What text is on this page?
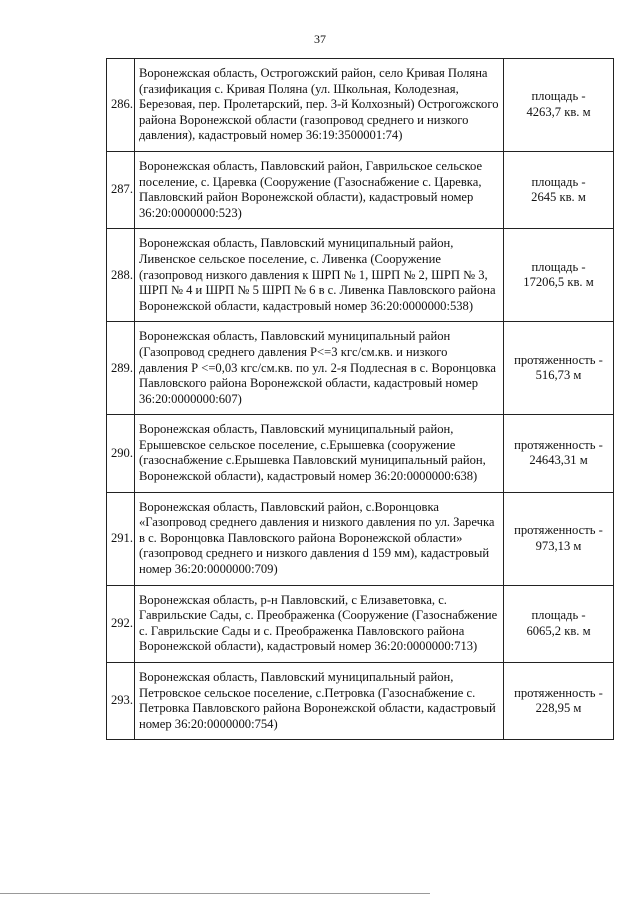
37
286.	Воронежская область, Острогожский район, село Кривая Поляна (газификация с. Кривая Поляна (ул. Школьная, Колодезная, Березовая, пер. Пролетарский, пер. 3-й Колхозный) Острогожского района Воронежской области (газопровод среднего и низкого давления), кадастровый номер 36:19:3500001:74)	площадь -
4263,7 кв. м

287.	Воронежская область, Павловский район, Гаврильское сельское поселение, с. Царевка (Сооружение (Газоснабжение с. Царевка, Павловский район Воронежской области), кадастровый номер 36:20:0000000:523)	площадь -
2645 кв. м

288.	Воронежская область, Павловский муниципальный район, Ливенское сельское поселение, с. Ливенка (Сооружение (газопровод низкого давления к ШРП № 1, ШРП № 2, ШРП № 3, ШРП № 4 и ШРП № 5 ШРП № 6 в с. Ливенка Павловского района Воронежской области, кадастровый номер 36:20:0000000:538)	площадь -
17206,5 кв. м

289.	Воронежская область, Павловский муниципальный район (Газопровод среднего давления Р<=3 кгс/см.кв. и низкого давления Р <=0,03 кгс/см.кв. по ул. 2-я Подлесная в с. Воронцовка Павловского района Воронежской области, кадастровый номер 36:20:0000000:607)	протяженность -
516,73 м

290.	Воронежская область, Павловский муниципальный район, Ерышевское сельское поселение, с.Ерышевка (сооружение (газоснабжение с.Ерышевка Павловский муниципальный район, Воронежской области), кадастровый номер 36:20:0000000:638)	протяженность -
24643,31 м

291.	Воронежская область, Павловский район, с.Воронцовка «Газопровод среднего давления и низкого давления по ул. Заречка в с. Воронцовка Павловского района Воронежской области» (газопровод среднего и низкого давления d 159 мм), кадастровый номер 36:20:0000000:709)	протяженность -
973,13 м

292.	Воронежская область, р-н Павловский, с Елизаветовка, с. Гаврильские Сады, с. Преображенка (Сооружение (Газоснабжение с. Гаврильские Сады и с. Преображенка Павловского района Воронежской области), кадастровый номер 36:20:0000000:713)	площадь -
6065,2 кв. м

293.	Воронежская область, Павловский муниципальный район, Петровское сельское поселение, с.Петровка (Газоснабжение с. Петровка Павловского района Воронежской области, кадастровый номер 36:20:0000000:754)	протяженность -
228,95 м
